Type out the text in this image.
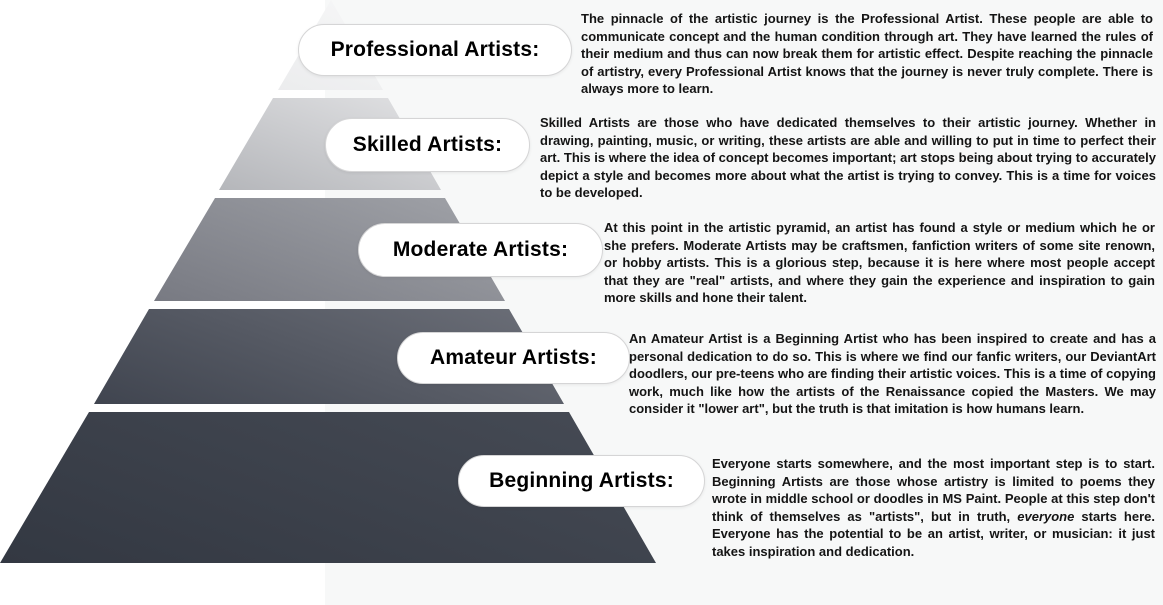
Professional Artists:
Skilled Artists:
Moderate Artists:
Amateur Artists:
Beginning Artists:
The pinnacle of the artistic journey is the Professional Artist. These people are able to communicate concept and the human condition through art. They have learned the rules of their medium and thus can now break them for artistic effect. Despite reaching the pinnacle of artistry, every Professional Artist knows that the journey is never truly complete. There is always more to learn.
Skilled Artists are those who have dedicated themselves to their artistic journey. Whether in drawing, painting, music, or writing, these artists are able and willing to put in time to perfect their art. This is where the idea of concept becomes important; art stops being about trying to accurately depict a style and becomes more about what the artist is trying to convey. This is a time for voices to be developed.
At this point in the artistic pyramid, an artist has found a style or medium which he or she prefers. Moderate Artists may be craftsmen, fanfiction writers of some site renown, or hobby artists. This is a glorious step, because it is here where most people accept that they are "real" artists, and where they gain the experience and inspiration to gain more skills and hone their talent.
An Amateur Artist is a Beginning Artist who has been inspired to create and has a personal dedication to do so. This is where we find our fanfic writers, our DeviantArt doodlers, our pre-teens who are finding their artistic voices. This is a time of copying work, much like how the artists of the Renaissance copied the Masters. We may consider it "lower art", but the truth is that imitation is how humans learn.
Everyone starts somewhere, and the most important step is to start. Beginning Artists are those whose artistry is limited to poems they wrote in middle school or doodles in MS Paint. People at this step don't think of themselves as "artists", but in truth, everyone starts here. Everyone has the potential to be an artist, writer, or musician: it just takes inspiration and dedication.
